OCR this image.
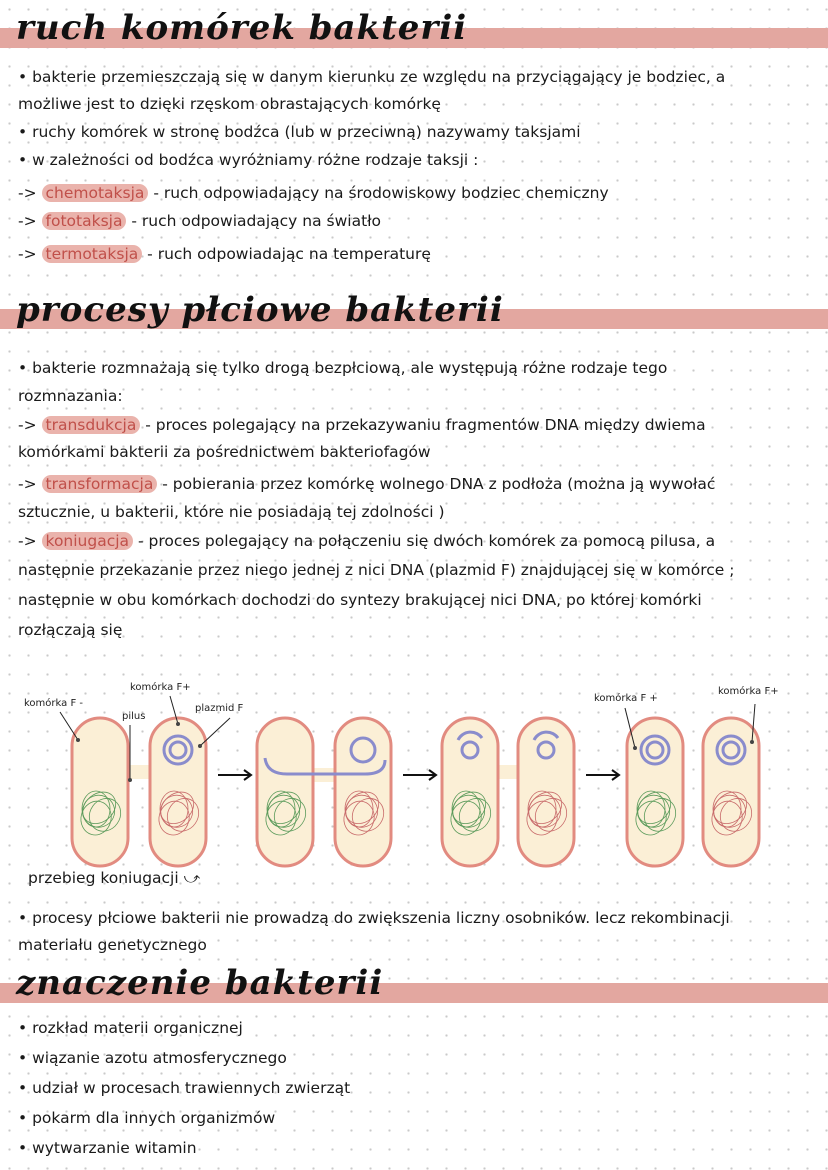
ruch komórek bakterii
• bakterie przemieszczają się w danym kierunku ze względu na przyciągający je bodziec, a
możliwe jest to dzięki rzęskom obrastających komórkę
• ruchy komórek w stronę bodźca (lub w przeciwną) nazywamy taksjami
• w zależności od bodźca wyróżniamy różne rodzaje taksji :
-> chemotaksja - ruch odpowiadający na środowiskowy bodziec chemiczny
-> fototaksja - ruch odpowiadający na światło
-> termotaksja - ruch odpowiadając na temperaturę
procesy płciowe bakterii
• bakterie rozmnażają się tylko drogą bezpłciową, ale występują różne rodzaje tego
rozmnazania:
-> transdukcja - proces polegający na przekazywaniu fragmentów DNA między dwiema
komórkami bakterii za pośrednictwem bakteriofagów
-> transformacja - pobierania przez komórkę wolnego DNA z podłoża (można ją wywołać
sztucznie, u bakterii, które nie posiadają tej zdolności )
-> koniugacja - proces polegający na połączeniu się dwóch komórek za pomocą pilusa, a
następnie przekazanie przez niego jednej z nici DNA (plazmid F) znajdującej się w komórce ;
następnie w obu komórkach dochodzi do syntezy brakującej nici DNA, po której komórki
rozłączają się
komórka F -
komórka F+
pilus
plazmid F
komórka F +
komórka F+
przebieg koniugacji ⤻
• procesy płciowe bakterii nie prowadzą do zwiększenia liczny osobników. lecz rekombinacji
materiału genetycznego
znaczenie bakterii
• rozkład materii organicznej
• wiązanie azotu atmosferycznego
• udział w procesach trawiennych zwierząt
• pokarm dla innych organizmów
• wytwarzanie witamin
